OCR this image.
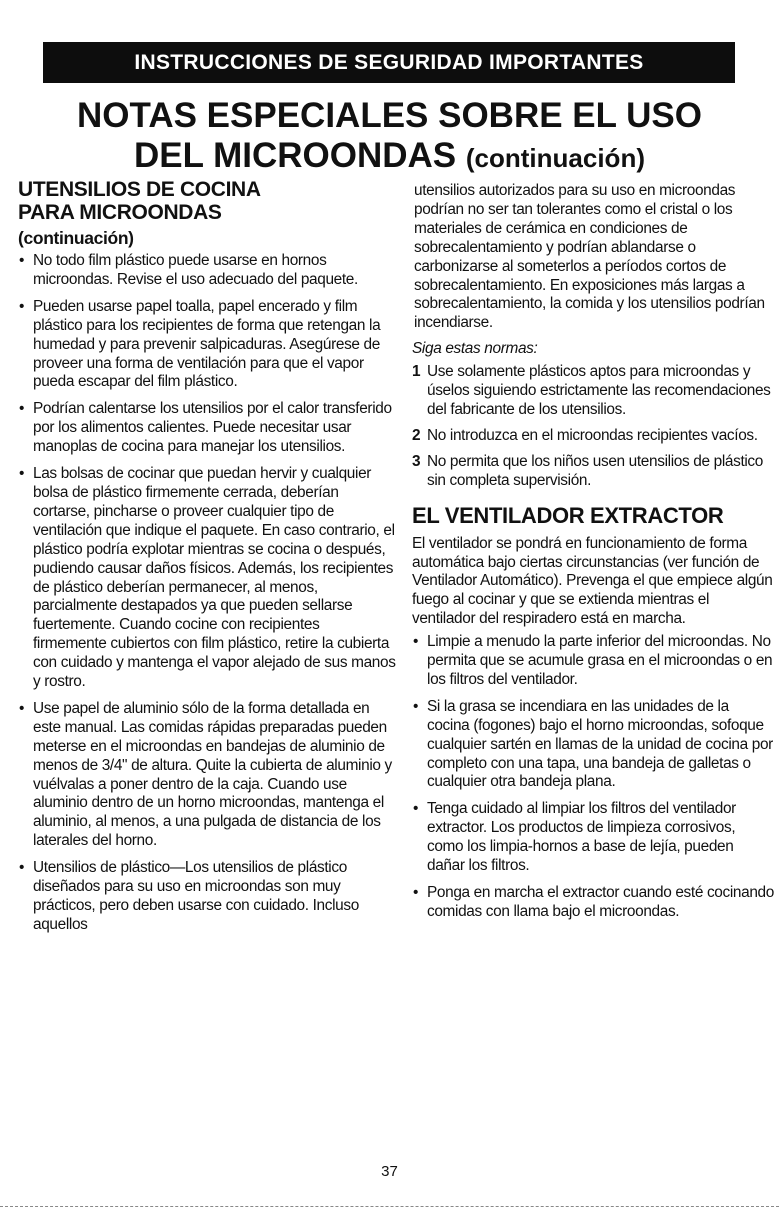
INSTRUCCIONES DE SEGURIDAD IMPORTANTES
NOTAS ESPECIALES SOBRE EL USO
DEL MICROONDAS (continuación)
UTENSILIOS DE COCINA
PARA MICROONDAS
(continuación)

• No todo film plástico puede usarse en hornos microondas. Revise el uso adecuado del paquete.

• Pueden usarse papel toalla, papel encerado y film plástico para los recipientes de forma que retengan la humedad y para prevenir salpicaduras. Asegúrese de proveer una forma de ventilación para que el vapor pueda escapar del film plástico.

• Podrían calentarse los utensilios por el calor transferido por los alimentos calientes. Puede necesitar usar manoplas de cocina para manejar los utensilios.

• Las bolsas de cocinar que puedan hervir y cualquier bolsa de plástico firmemente cerrada, deberían cortarse, pincharse o proveer cualquier tipo de ventilación que indique el paquete. En caso contrario, el plástico podría explotar mientras se cocina o después, pudiendo causar daños físicos. Además, los recipientes de plástico deberían permanecer, al menos, parcialmente destapados ya que pueden sellarse fuertemente. Cuando cocine con recipientes firmemente cubiertos con film plástico, retire la cubierta con cuidado y mantenga el vapor alejado de sus manos y rostro.

• Use papel de aluminio sólo de la forma detallada en este manual. Las comidas rápidas preparadas pueden meterse en el microondas en bandejas de aluminio de menos de 3/4" de altura. Quite la cubierta de aluminio y vuélvalas a poner dentro de la caja. Cuando use aluminio dentro de un horno microondas, mantenga el aluminio, al menos, a una pulgada de distancia de los laterales del horno.

• Utensilios de plástico—Los utensilios de plástico diseñados para su uso en microondas son muy prácticos, pero deben usarse con cuidado. Incluso aquellos

utensilios autorizados para su uso en microondas podrían no ser tan tolerantes como el cristal o los materiales de cerámica en condiciones de sobrecalentamiento y podrían ablandarse o carbonizarse al someterlos a períodos cortos de sobrecalentamiento. En exposiciones más largas a sobrecalentamiento, la comida y los utensilios podrían incendiarse.

Siga estas normas:

1 Use solamente plásticos aptos para microondas y úselos siguiendo estrictamente las recomendaciones del fabricante de los utensilios.
2 No introduzca en el microondas recipientes vacíos.
3 No permita que los niños usen utensilios de plástico sin completa supervisión.
EL VENTILADOR EXTRACTOR

El ventilador se pondrá en funcionamiento de forma automática bajo ciertas circunstancias (ver función de Ventilador Automático). Prevenga el que empiece algún fuego al cocinar y que se extienda mientras el ventilador del respiradero está en marcha.

• Limpie a menudo la parte inferior del microondas. No permita que se acumule grasa en el microondas o en los filtros del ventilador.

• Si la grasa se incendiara en las unidades de la cocina (fogones) bajo el horno microondas, sofoque cualquier sartén en llamas de la unidad de cocina por completo con una tapa, una bandeja de galletas o cualquier otra bandeja plana.

• Tenga cuidado al limpiar los filtros del ventilador extractor. Los productos de limpieza corrosivos, como los limpia-hornos a base de lejía, pueden dañar los filtros.

• Ponga en marcha el extractor cuando esté cocinando comidas con llama bajo el microondas.

37
